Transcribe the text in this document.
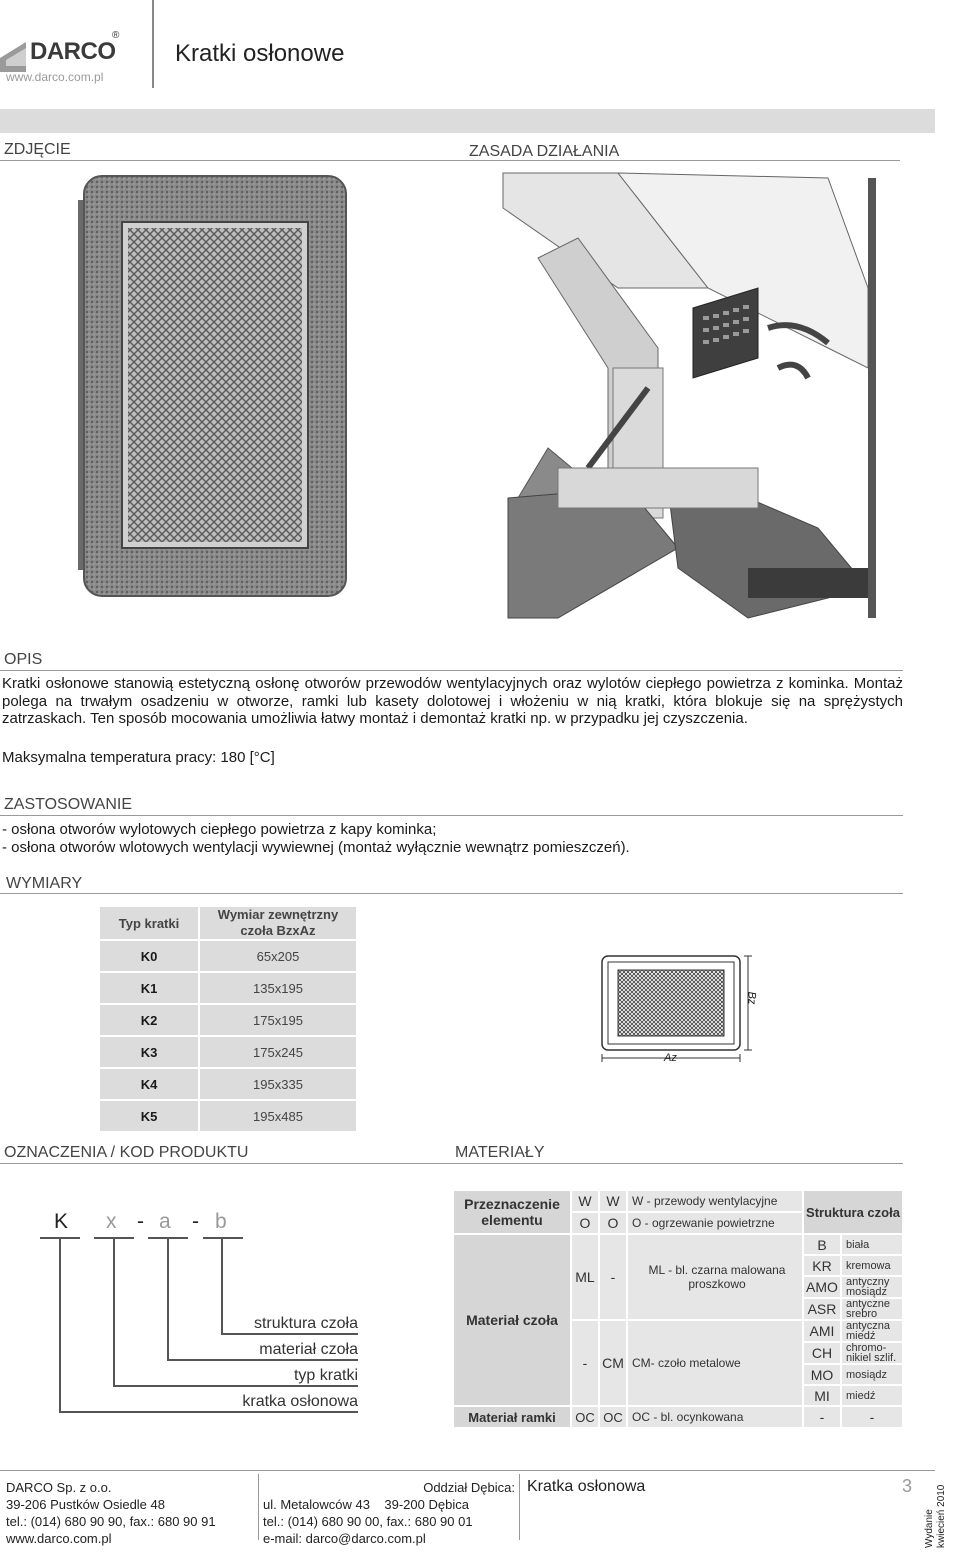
DARCO
®
www.darco.com.pl
Kratki osłonowe
ZDJĘCIE	ZASADA DZIAŁANIA
OPIS
Kratki osłonowe stanowią estetyczną osłonę otworów przewodów wentylacyjnych oraz wylotów ciepłego powietrza z kominka. Montaż polega na trwałym osadzeniu w otworze, ramki lub kasety dolotowej i włożeniu w nią kratki, która blokuje się na sprężystych zatrzaskach. Ten sposób mocowania umożliwia łatwy montaż i demontaż kratki np. w przypadku jej czyszczenia.
Maksymalna temperatura pracy: 180 [°C]
ZASTOSOWANIE
- osłona otworów wylotowych ciepłego powietrza z kapy kominka;
- osłona otworów wlotowych wentylacji wywiewnej (montaż wyłącznie wewnątrz pomieszczeń).
WYMIARY
Typ kratki	Wymiar zewnętrzny
czoła BzxAz

K0	65x205
K1	135x195
K2	175x195
K3	175x245
K4	195x335
K5	195x485
Bz
Az
OZNACZENIA / KOD PRODUKTU	MATERIAŁY
K x - a - b
struktura czoła
materiał czoła
typ kratki
kratka osłonowa
Przeznaczenie elementu	W	W	W - przewody wentylacyjne	Struktura czoła	
	O	O	O - ogrzewanie powietrzne		
Materiał czoła	ML	-	ML - bl. czarna malowana proszkowo	B	biała
				KR	kremowa
				AMO	antyczny mosiądz
				ASR	antyczne srebro
	-	CM	CM- czoło metalowe	AMI	antyczna miedź
				CH	chromo-nikiel szlif.
				MO	mosiądz
				MI	miedź
Materiał ramki	OC	OC	OC - bl. ocynkowana	-	-
DARCO Sp. z o.o.
39-206 Pustków Osiedle 48
tel.: (014) 680 90 90, fax.: 680 90 91
www.darco.com.pl
Oddział Dębica:
ul. Metalowców 43    39-200 Dębica
tel.: (014) 680 90 00, fax.: 680 90 01
e-mail: darco@darco.com.pl
Kratka osłonowa	3
Wydanie kwiecień 2010
